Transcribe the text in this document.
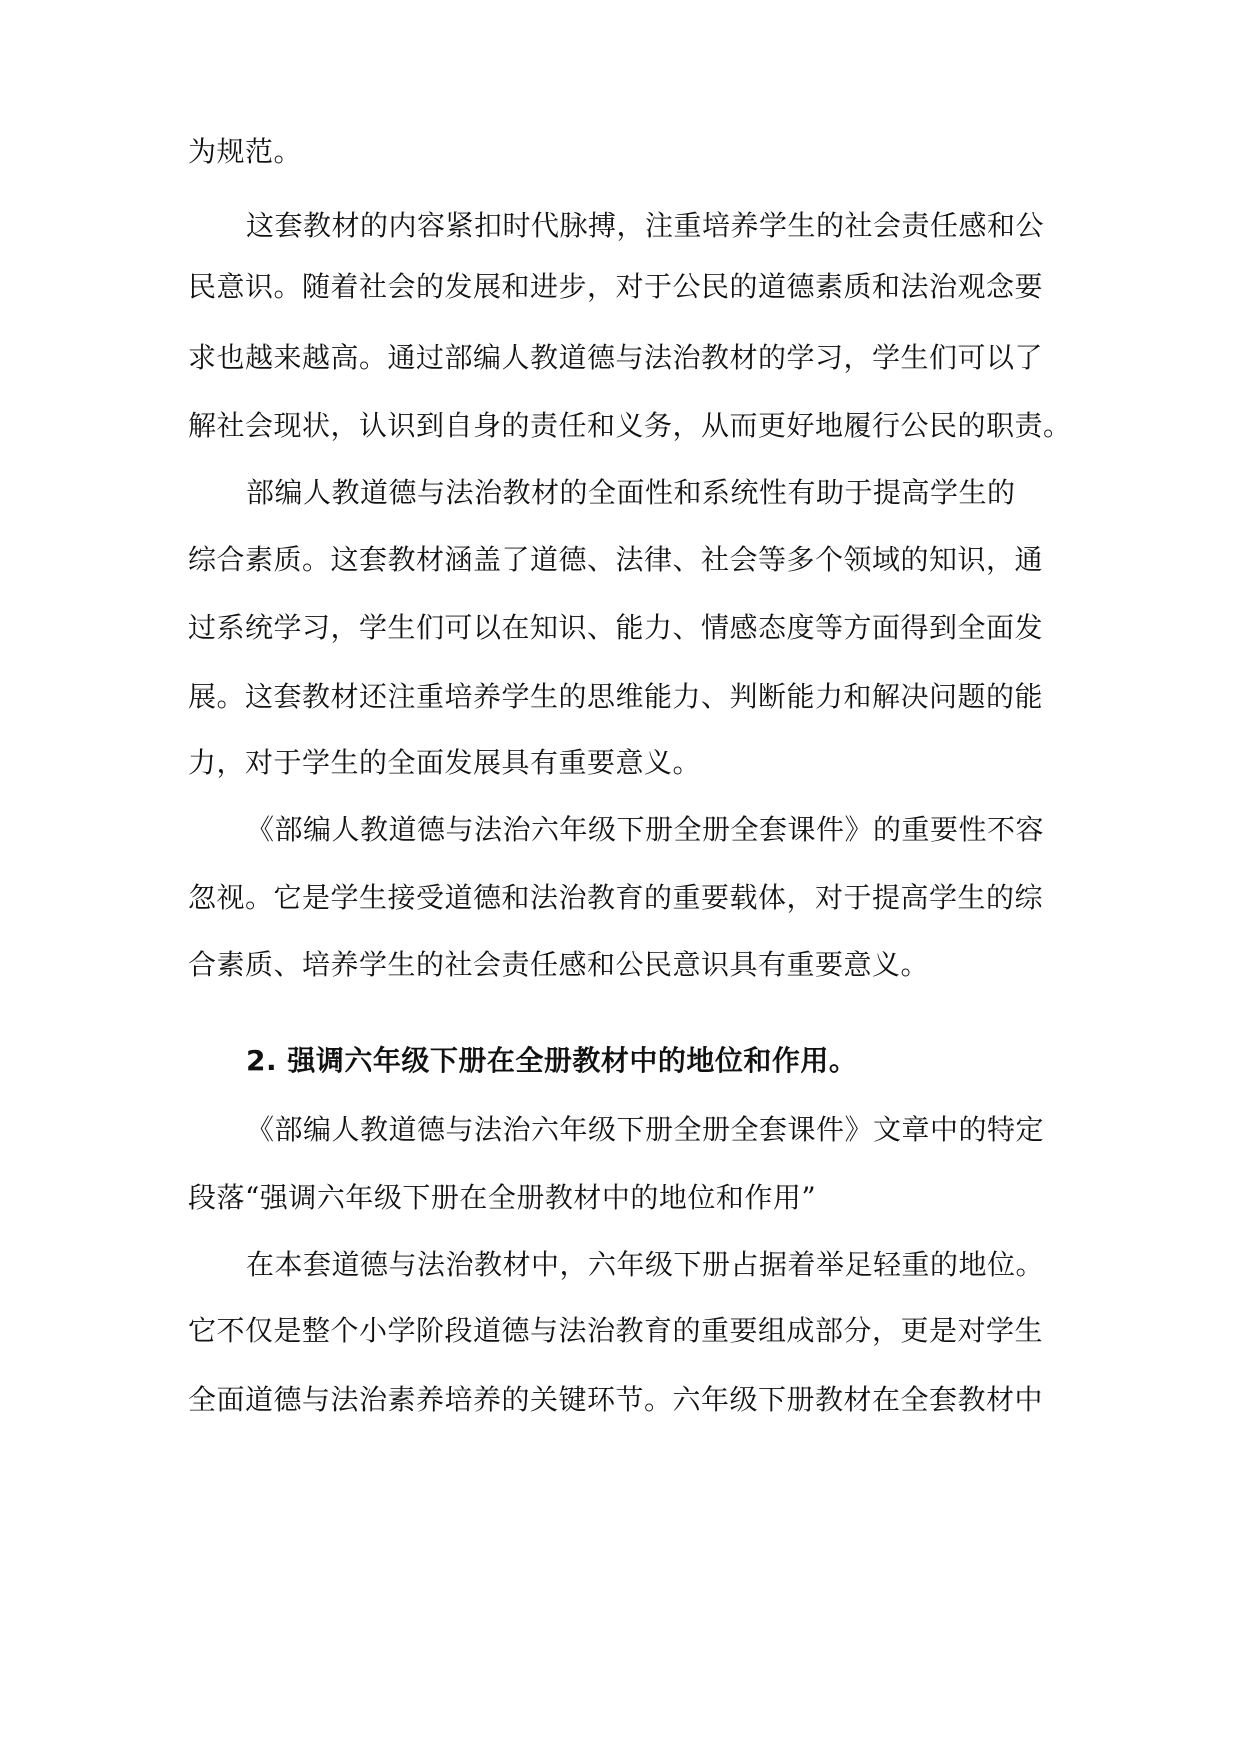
为规范。
这套教材的内容紧扣时代脉搏，注重培养学生的社会责任感和公
民意识。随着社会的发展和进步，对于公民的道德素质和法治观念要
求也越来越高。通过部编人教道德与法治教材的学习，学生们可以了
解社会现状，认识到自身的责任和义务，从而更好地履行公民的职责。
部编人教道德与法治教材的全面性和系统性有助于提高学生的
综合素质。这套教材涵盖了道德、法律、社会等多个领域的知识，通
过系统学习，学生们可以在知识、能力、情感态度等方面得到全面发
展。这套教材还注重培养学生的思维能力、判断能力和解决问题的能
力，对于学生的全面发展具有重要意义。
《部编人教道德与法治六年级下册全册全套课件》的重要性不容
忽视。它是学生接受道德和法治教育的重要载体，对于提高学生的综
合素质、培养学生的社会责任感和公民意识具有重要意义。
2. 强调六年级下册在全册教材中的地位和作用。
《部编人教道德与法治六年级下册全册全套课件》文章中的特定
段落“强调六年级下册在全册教材中的地位和作用”
在本套道德与法治教材中，六年级下册占据着举足轻重的地位。
它不仅是整个小学阶段道德与法治教育的重要组成部分，更是对学生
全面道德与法治素养培养的关键环节。六年级下册教材在全套教材中
